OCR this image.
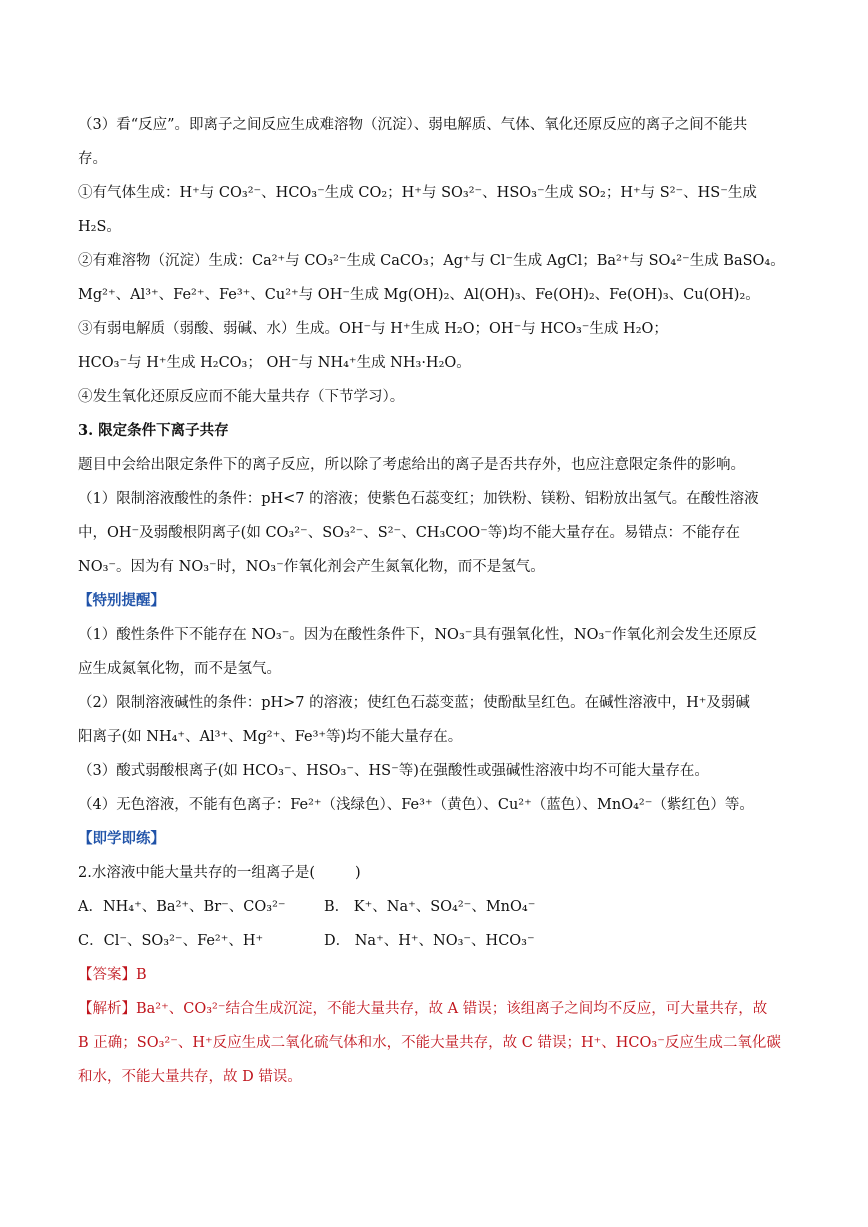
（3）看“反应”。即离子之间反应生成难溶物（沉淀）、弱电解质、气体、氧化还原反应的离子之间不能共
存。
①有气体生成：H⁺与 CO₃²⁻、HCO₃⁻生成 CO₂；H⁺与 SO₃²⁻、HSO₃⁻生成 SO₂；H⁺与 S²⁻、HS⁻生成
H₂S。
②有难溶物（沉淀）生成：Ca²⁺与 CO₃²⁻生成 CaCO₃；Ag⁺与 Cl⁻生成 AgCl；Ba²⁺与 SO₄²⁻生成 BaSO₄。
Mg²⁺、Al³⁺、Fe²⁺、Fe³⁺、Cu²⁺与 OH⁻生成 Mg(OH)₂、Al(OH)₃、Fe(OH)₂、Fe(OH)₃、Cu(OH)₂。
③有弱电解质（弱酸、弱碱、水）生成。OH⁻与 H⁺生成 H₂O；OH⁻与 HCO₃⁻生成 H₂O；
HCO₃⁻与 H⁺生成 H₂CO₃； OH⁻与 NH₄⁺生成 NH₃·H₂O。
④发生氧化还原反应而不能大量共存（下节学习）。
3. 限定条件下离子共存
题目中会给出限定条件下的离子反应，所以除了考虑给出的离子是否共存外，也应注意限定条件的影响。
（1）限制溶液酸性的条件：pH<7 的溶液；使紫色石蕊变红；加铁粉、镁粉、铝粉放出氢气。在酸性溶液
中，OH⁻及弱酸根阴离子(如 CO₃²⁻、SO₃²⁻、S²⁻、CH₃COO⁻等)均不能大量存在。易错点：不能存在
NO₃⁻。因为有 NO₃⁻时，NO₃⁻作氧化剂会产生氮氧化物，而不是氢气。
【特别提醒】
（1）酸性条件下不能存在 NO₃⁻。因为在酸性条件下，NO₃⁻具有强氧化性，NO₃⁻作氧化剂会发生还原反
应生成氮氧化物，而不是氢气。
（2）限制溶液碱性的条件：pH>7 的溶液；使红色石蕊变蓝；使酚酞呈红色。在碱性溶液中，H⁺及弱碱
阳离子(如 NH₄⁺、Al³⁺、Mg²⁺、Fe³⁺等)均不能大量存在。
（3）酸式弱酸根离子(如 HCO₃⁻、HSO₃⁻、HS⁻等)在强酸性或强碱性溶液中均不可能大量存在。
（4）无色溶液，不能有色离子：Fe²⁺（浅绿色）、Fe³⁺（黄色）、Cu²⁺（蓝色）、MnO₄²⁻（紫红色）等。
【即学即练】
2.水溶液中能大量共存的一组离子是(	)
A．NH₄⁺、Ba²⁺、Br⁻、CO₃²⁻	B． K⁺、Na⁺、SO₄²⁻、MnO₄⁻
C．Cl⁻、SO₃²⁻、Fe²⁺、H⁺	D． Na⁺、H⁺、NO₃⁻、HCO₃⁻
【答案】B
【解析】Ba²⁺、CO₃²⁻结合生成沉淀，不能大量共存，故 A 错误；该组离子之间均不反应，可大量共存，故
B 正确；SO₃²⁻、H⁺反应生成二氧化硫气体和水，不能大量共存，故 C 错误；H⁺、HCO₃⁻反应生成二氧化碳
和水，不能大量共存，故 D 错误。
